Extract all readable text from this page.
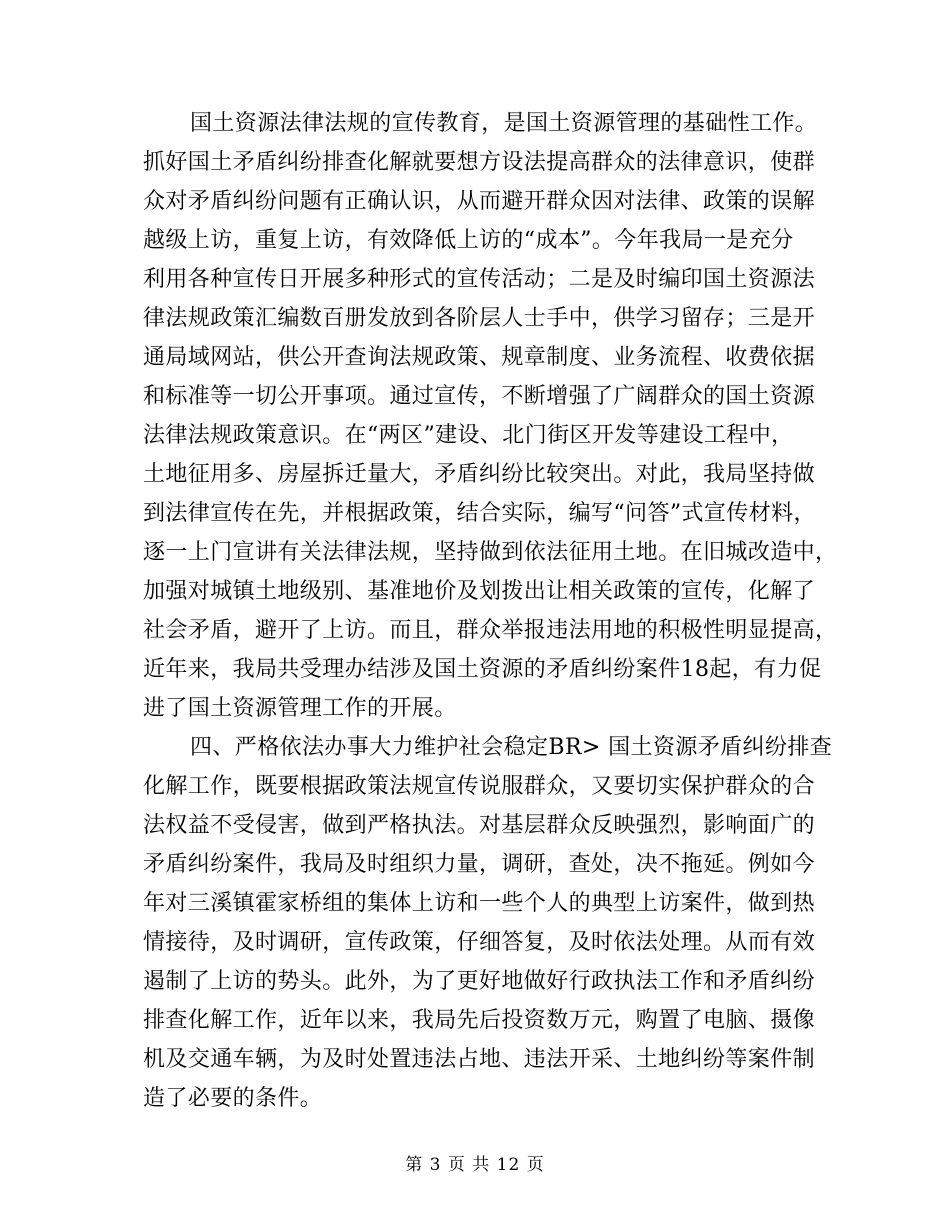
国土资源法律法规的宣传教育，是国土资源管理的基础性工作。
抓好国土矛盾纠纷排查化解就要想方设法提高群众的法律意识，使群
众对矛盾纠纷问题有正确认识，从而避开群众因对法律、政策的误解
越级上访，重复上访，有效降低上访的“成本”。今年我局一是充分
利用各种宣传日开展多种形式的宣传活动；二是及时编印国土资源法
律法规政策汇编数百册发放到各阶层人士手中，供学习留存；三是开
通局域网站，供公开查询法规政策、规章制度、业务流程、收费依据
和标准等一切公开事项。通过宣传，不断增强了广阔群众的国土资源
法律法规政策意识。在“两区”建设、北门街区开发等建设工程中，
土地征用多、房屋拆迁量大，矛盾纠纷比较突出。对此，我局坚持做
到法律宣传在先，并根据政策，结合实际，编写“问答”式宣传材料，
逐一上门宣讲有关法律法规，坚持做到依法征用土地。在旧城改造中，
加强对城镇土地级别、基准地价及划拨出让相关政策的宣传，化解了
社会矛盾，避开了上访。而且，群众举报违法用地的积极性明显提高，
近年来，我局共受理办结涉及国土资源的矛盾纠纷案件18起，有力促
进了国土资源管理工作的开展。
四、严格依法办事大力维护社会稳定BR> 国土资源矛盾纠纷排查
化解工作，既要根据政策法规宣传说服群众，又要切实保护群众的合
法权益不受侵害，做到严格执法。对基层群众反映强烈，影响面广的
矛盾纠纷案件，我局及时组织力量，调研，查处，决不拖延。例如今
年对三溪镇霍家桥组的集体上访和一些个人的典型上访案件，做到热
情接待，及时调研，宣传政策，仔细答复，及时依法处理。从而有效
遏制了上访的势头。此外，为了更好地做好行政执法工作和矛盾纠纷
排查化解工作，近年以来，我局先后投资数万元，购置了电脑、摄像
机及交通车辆，为及时处置违法占地、违法开采、土地纠纷等案件制
造了必要的条件。
第 3 页 共 12 页
